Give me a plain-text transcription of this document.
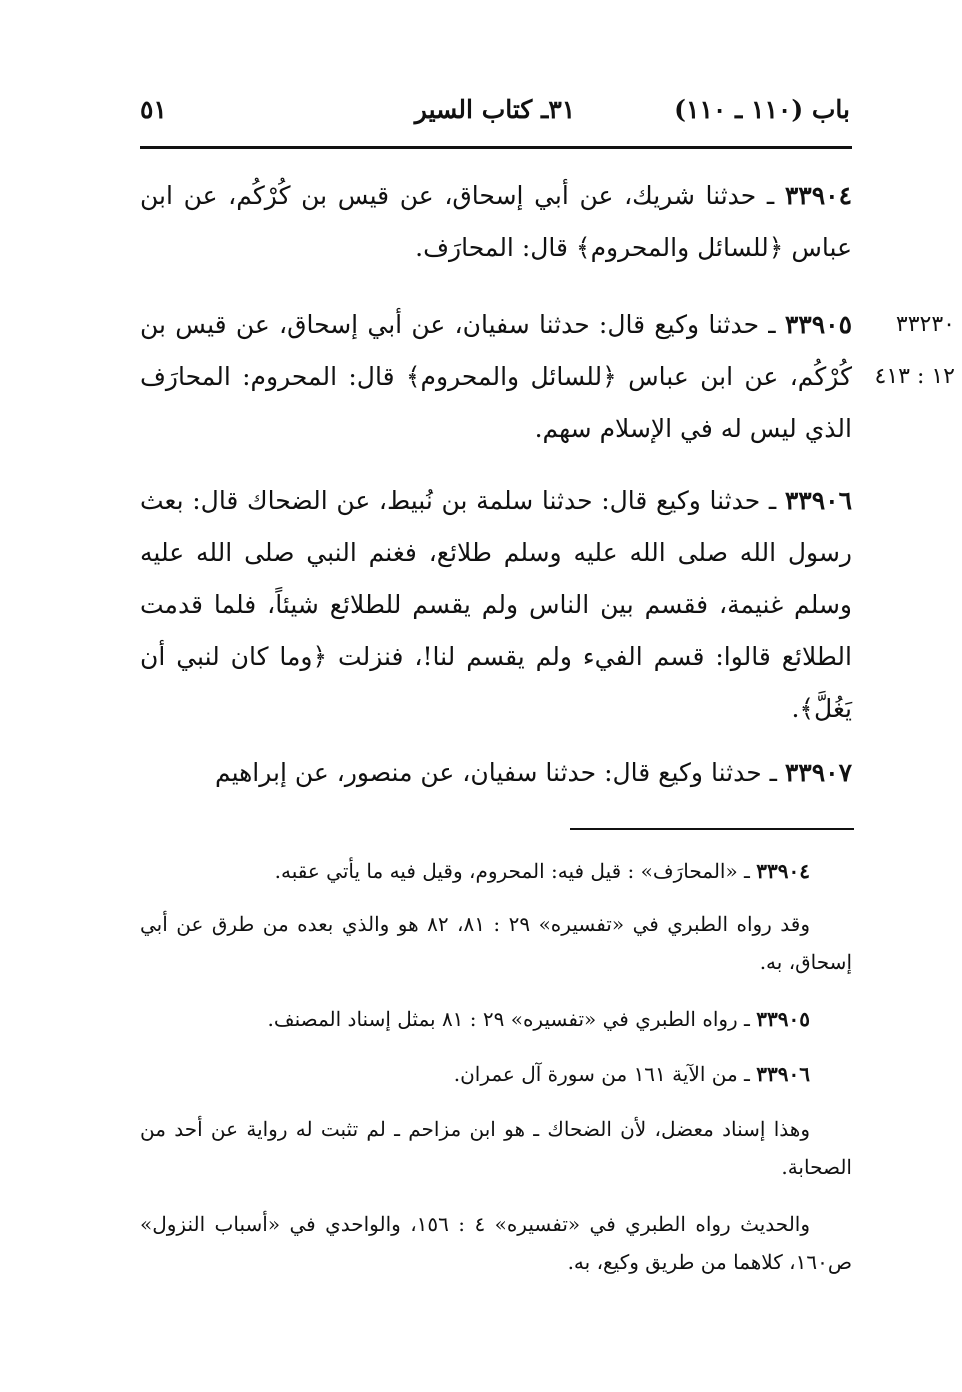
باب (١١٠ ـ ١١٠)
٣١ـ كتاب السير
٥١

٣٣٩٠٤ ـ حدثنا شريك، عن أبي إسحاق، عن قيس بن كُرْكُم، عن ابن عباس ﴿للسائل والمحروم﴾ قال: المحارَف.

٣٣٩٠٥ ـ حدثنا وكيع قال: حدثنا سفيان، عن أبي إسحاق، عن قيس بن كُرْكُم، عن ابن عباس ﴿للسائل والمحروم﴾ قال: المحروم: المحارَف الذي ليس له في الإسلام سهم.

٣٣٩٠٦ ـ حدثنا وكيع قال: حدثنا سلمة بن نُبيط، عن الضحاك قال: بعث رسول الله صلى الله عليه وسلم طلائع، فغنم النبي صلى الله عليه وسلم غنيمة، فقسم بين الناس ولم يقسم للطلائع شيئاً، فلما قدمت الطلائع قالوا: قسم الفيء ولم يقسم لنا!، فنزلت ﴿وما كان لنبي أن يَغُلَّ﴾.

٣٣٩٠٧ ـ حدثنا وكيع قال: حدثنا سفيان، عن منصور، عن إبراهيم

٣٣٢٣٠
١٢ : ٤١٣

٣٣٩٠٤ ـ «المحارَف» : قيل فيه: المحروم، وقيل فيه ما يأتي عقبه.

وقد رواه الطبري في «تفسيره» ٢٩ : ٨١، ٨٢ هو والذي بعده من طرق عن أبي إسحاق، به.

٣٣٩٠٥ ـ رواه الطبري في «تفسيره» ٢٩ : ٨١ بمثل إسناد المصنف.

٣٣٩٠٦ ـ من الآية ١٦١ من سورة آل عمران.

وهذا إسناد معضل، لأن الضحاك ـ هو ابن مزاحم ـ لم تثبت له رواية عن أحد من الصحابة.

والحديث رواه الطبري في «تفسيره» ٤ : ١٥٦، والواحدي في «أسباب النزول» ص١٦٠، كلاهما من طريق وكيع، به.
